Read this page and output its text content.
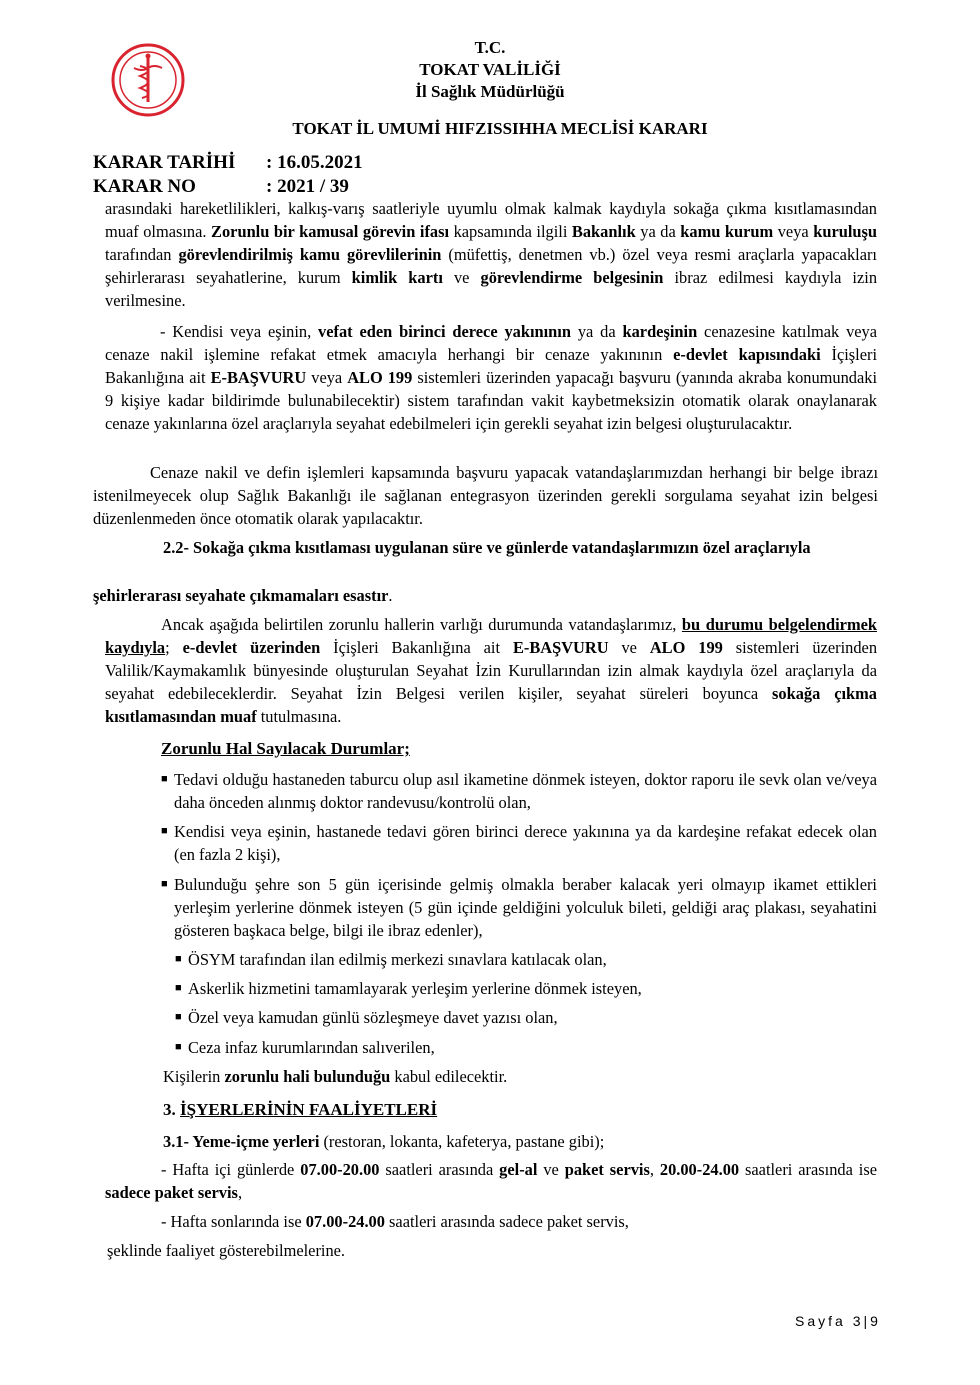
T.C.
TOKAT VALİLİĞİ
İl Sağlık Müdürlüğü
TOKAT İL UMUMİ HIFZISSIHHA MECLİSİ KARARI
KARAR TARİHİ : 16.05.2021
KARAR NO	: 2021 / 39
arasındaki hareketlilikleri, kalkış-varış saatleriyle uyumlu olmak kalmak kaydıyla sokağa çıkma kısıtlamasından muaf olmasına. Zorunlu bir kamusal görevin ifası kapsamında ilgili Bakanlık ya da kamu kurum veya kuruluşu tarafından görevlendirilmiş kamu görevlilerinin (müfettiş, denetmen vb.) özel veya resmi araçlarla yapacakları şehirlerarası seyahatlerine, kurum kimlik kartı ve görevlendirme belgesinin ibraz edilmesi kaydıyla izin verilmesine.
- Kendisi veya eşinin, vefat eden birinci derece yakınının ya da kardeşinin cenazesine katılmak veya cenaze nakil işlemine refakat etmek amacıyla herhangi bir cenaze yakınının e-devlet kapısındaki İçişleri Bakanlığına ait E-BAŞVURU veya ALO 199 sistemleri üzerinden yapacağı başvuru (yanında akraba konumundaki 9 kişiye kadar bildirimde bulunabilecektir) sistem tarafından vakit kaybetmeksizin otomatik olarak onaylanarak cenaze yakınlarına özel araçlarıyla seyahat edebilmeleri için gerekli seyahat izin belgesi oluşturulacaktır.
Cenaze nakil ve defin işlemleri kapsamında başvuru yapacak vatandaşlarımızdan herhangi bir belge ibrazı istenilmeyecek olup Sağlık Bakanlığı ile sağlanan entegrasyon üzerinden gerekli sorgulama seyahat izin belgesi düzenlenmeden önce otomatik olarak yapılacaktır.
2.2- Sokağa çıkma kısıtlaması uygulanan süre ve günlerde vatandaşlarımızın özel araçlarıyla
şehirlerarası seyahate çıkmamaları esastır.
Ancak aşağıda belirtilen zorunlu hallerin varlığı durumunda vatandaşlarımız, bu durumu belgelendirmek kaydıyla; e-devlet üzerinden İçişleri Bakanlığına ait E-BAŞVURU ve ALO 199 sistemleri üzerinden Valilik/Kaymakamlık bünyesinde oluşturulan Seyahat İzin Kurullarından izin almak kaydıyla özel araçlarıyla da seyahat edebileceklerdir. Seyahat İzin Belgesi verilen kişiler, seyahat süreleri boyunca sokağa çıkma kısıtlamasından muaf tutulmasına.
Zorunlu Hal Sayılacak Durumlar;
■ Tedavi olduğu hastaneden taburcu olup asıl ikametine dönmek isteyen, doktor raporu ile sevk olan ve/veya daha önceden alınmış doktor randevusu/kontrolü olan,
■ Kendisi veya eşinin, hastanede tedavi gören birinci derece yakınına ya da kardeşine refakat edecek olan (en fazla 2 kişi),
■ Bulunduğu şehre son 5 gün içerisinde gelmiş olmakla beraber kalacak yeri olmayıp ikamet ettikleri yerleşim yerlerine dönmek isteyen (5 gün içinde geldiğini yolculuk bileti, geldiği araç plakası, seyahatini gösteren başkaca belge, bilgi ile ibraz edenler),
■ ÖSYM tarafından ilan edilmiş merkezi sınavlara katılacak olan,
■ Askerlik hizmetini tamamlayarak yerleşim yerlerine dönmek isteyen,
■ Özel veya kamudan günlü sözleşmeye davet yazısı olan,
■ Ceza infaz kurumlarından salıverilen,
Kişilerin zorunlu hali bulunduğu kabul edilecektir.
3. İŞYERLERİNİN FAALİYETLERİ
3.1- Yeme-içme yerleri (restoran, lokanta, kafeterya, pastane gibi);
- Hafta içi günlerde 07.00-20.00 saatleri arasında gel-al ve paket servis, 20.00-24.00 saatleri arasında ise sadece paket servis,
- Hafta sonlarında ise 07.00-24.00 saatleri arasında sadece paket servis,
şeklinde faaliyet gösterebilmelerine.
Sayfa 3|9
